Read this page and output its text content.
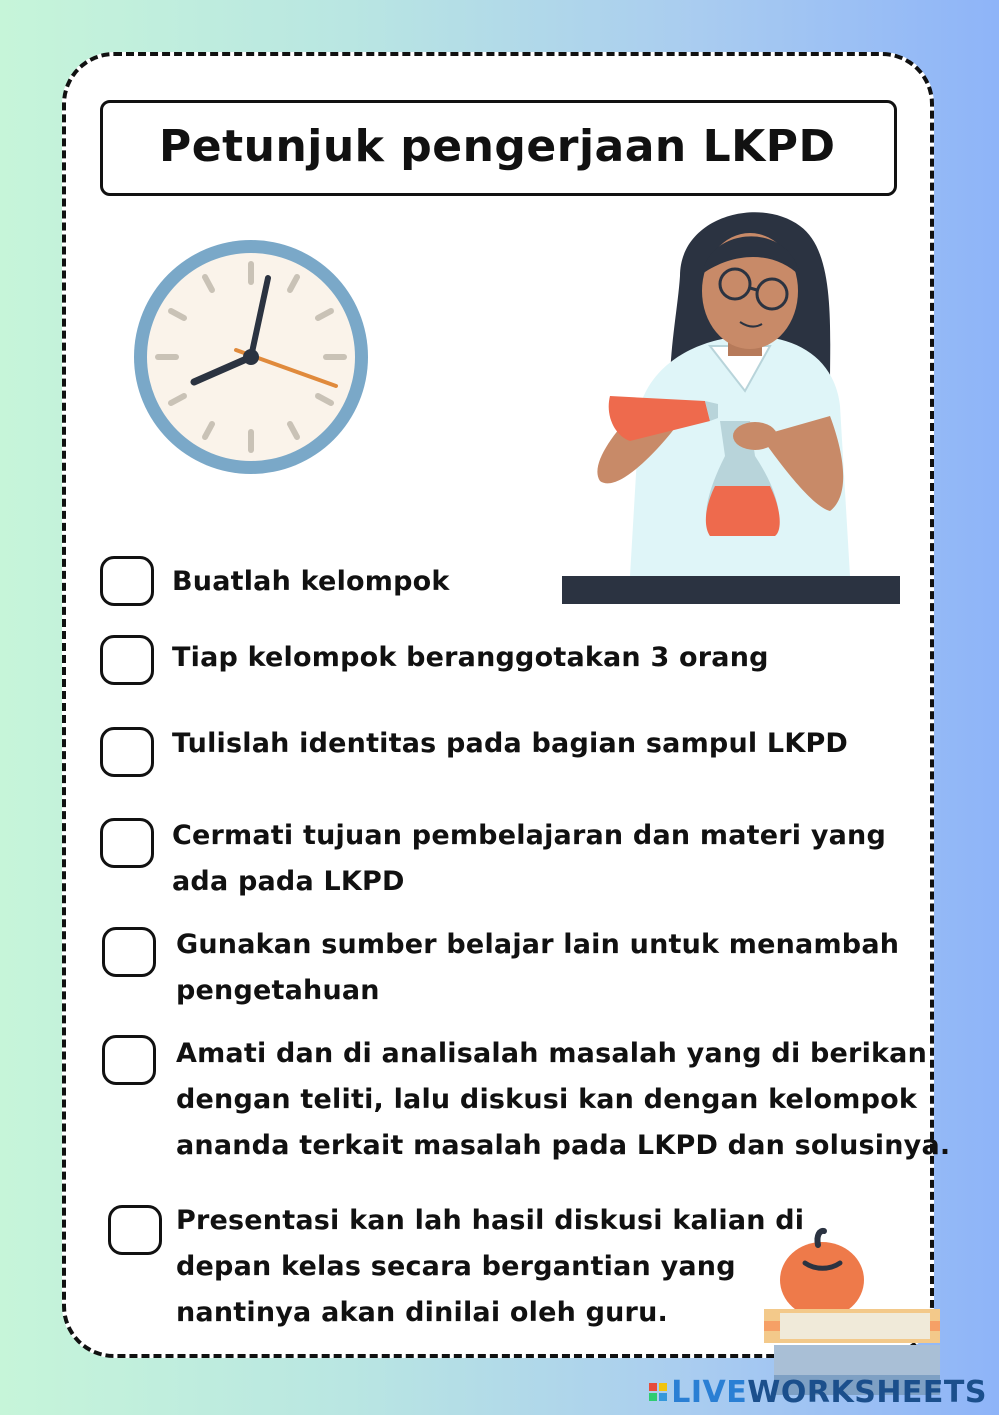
Petunjuk pengerjaan LKPD
Buatlah kelompok
Tiap kelompok beranggotakan 3 orang
Tulislah identitas pada bagian sampul LKPD
Cermati tujuan pembelajaran dan materi yang
ada pada LKPD
Gunakan sumber belajar lain untuk menambah
pengetahuan
Amati dan di analisalah masalah yang di berikan
dengan teliti, lalu diskusi kan dengan kelompok
ananda terkait masalah pada LKPD dan solusinya.
Presentasi kan lah hasil diskusi kalian di
depan kelas secara bergantian yang
nantinya akan dinilai oleh guru.
LIVE WORKSHEETS
